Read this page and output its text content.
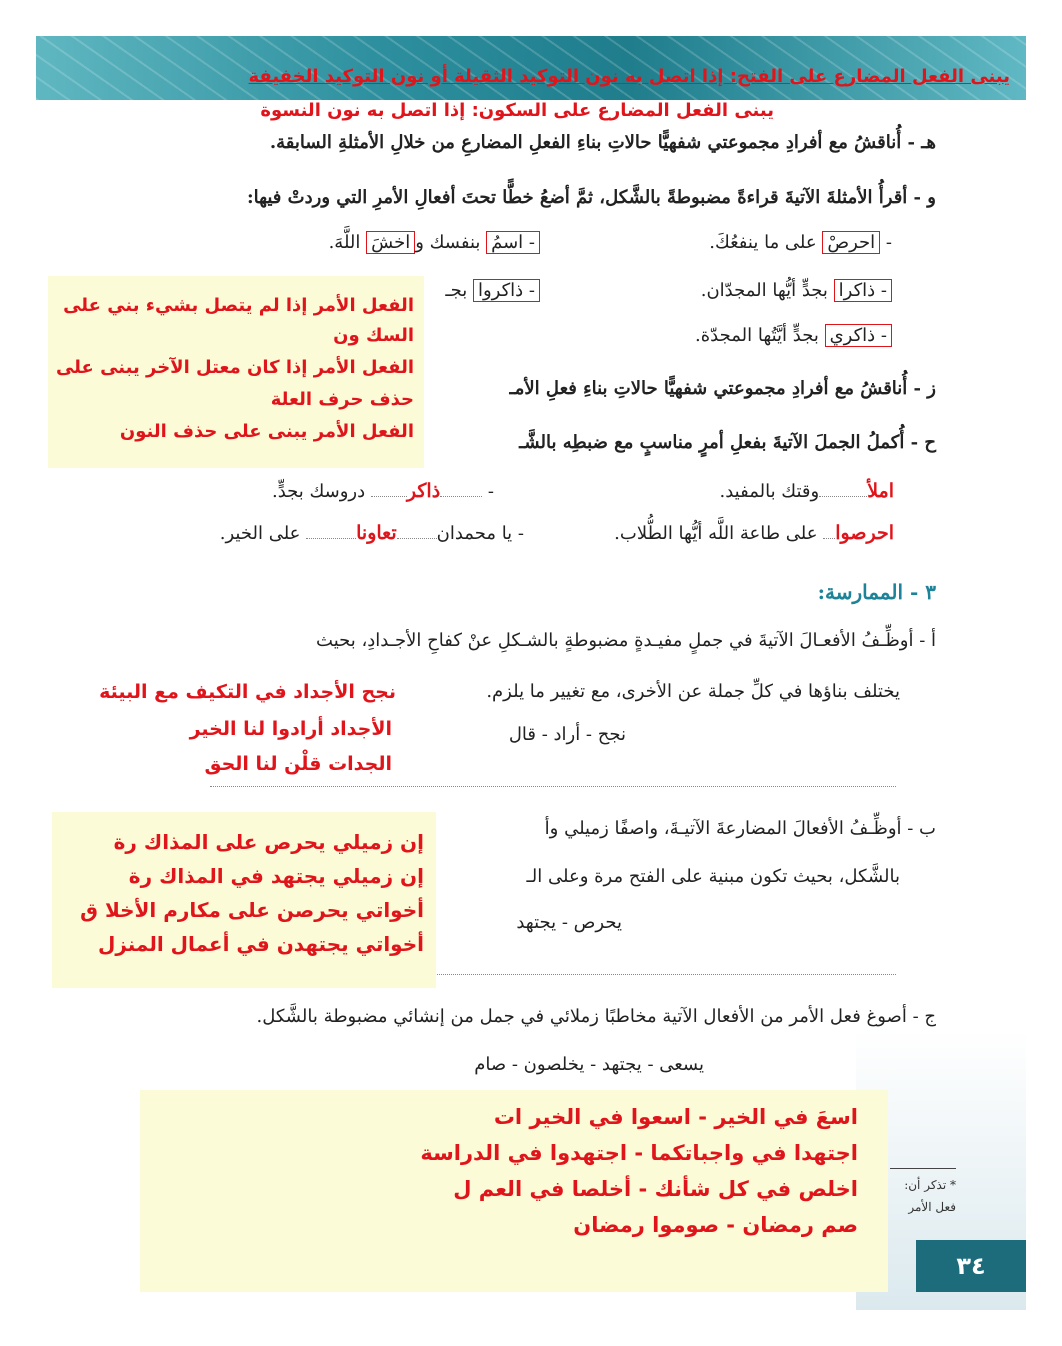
يبنى الفعل المضارع على الفتح: إذا اتصل به نون التوكيد الثقيلة أو نون التوكيد الخفيفة
يبنى الفعل المضارع على السكون: إذا اتصل به نون النسوة
هـ - أُناقشُ مع أفرادِ مجموعتي شفهيًّا حالاتِ بناءِ الفعلِ المضارعِ من خلالِ الأمثلةِ السابقة.
و - أقرأُ الأمثلةَ الآتيةَ قراءةً مضبوطةً بالشَّكل، ثمَّ أضعُ خطًّا تحتَ أفعالِ الأمرِ التي وردتْ فيها:
- احرصْ على ما ينفعُكَ.
- اسمُ بنفسك واخشَ اللَّهَ.
- ذاكرا بجدٍّ أيُّها المجدّان.
- ذاكروا بجـ
- ذاكري بجدٍّ أيَّتُها المجدّة.
ز - أُناقشُ مع أفرادِ مجموعتي شفهيًّا حالاتِ بناءِ فعلِ الأمـ
ح - أُكملُ الجملَ الآتيةَ بفعلِ أمرٍ مناسبٍ مع ضبطِه بالشَّـ
الفعل الأمر إذا لم يتصل بشيء بني على
السك ون
الفعل الأمر إذا كان معتل الآخر يبنى على
حذف حرف العلة
الفعل الأمر يبنى على حذف النون
املأوقتك بالمفيد.
- ذاكر دروسك بجدٍّ.
احرصوا على طاعة اللَّه أيُّها الطُّلاب.
- يا محمدانتعاونا على الخير.
٣ - الممارسة:
أ - أوظِّـفُ الأفعـالَ الآتيةَ في جملٍ مفيـدةٍ مضبوطةٍ بالشـكلِ عنْ كفاحِ الأجـدادِ، بحيث
يختلف بناؤها في كلِّ جملة عن الأخرى، مع تغيير ما يلزم.
نجح الأجداد في التكيف مع البيئة
الأجداد أرادوا لنا الخير
الجدات قلْن لنا الحق
نجح - أراد - قال
ب - أوظِّـفُ الأفعالَ المضارعةَ الآتيـةَ، واصفًا زميلي وأ
بالشَّكل، بحيث تكون مبنية على الفتح مرة وعلى الـ
يحرص - يجتهد
إن زميلي يحرص على المذاك رة
إن زميلي يجتهد في المذاك رة
أخواتي يحرصن على مكارم الأخلا ق
أخواتي يجتهدن في أعمال المنزل
ج - أصوغ فعل الأمر من الأفعال الآتية مخاطبًا زملائي في جمل من إنشائي مضبوطة بالشَّكل.
يسعى - يجتهد - يخلصون - صام
اسعَ في الخير - اسعوا في الخير ات
اجتهدا في واجباتكما - اجتهدوا في الدراسة
اخلص في كل شأنك - أخلصا في العم ل
صم رمضان - صوموا رمضان
* تذكر أن:
فعل الأمر
٣٤
